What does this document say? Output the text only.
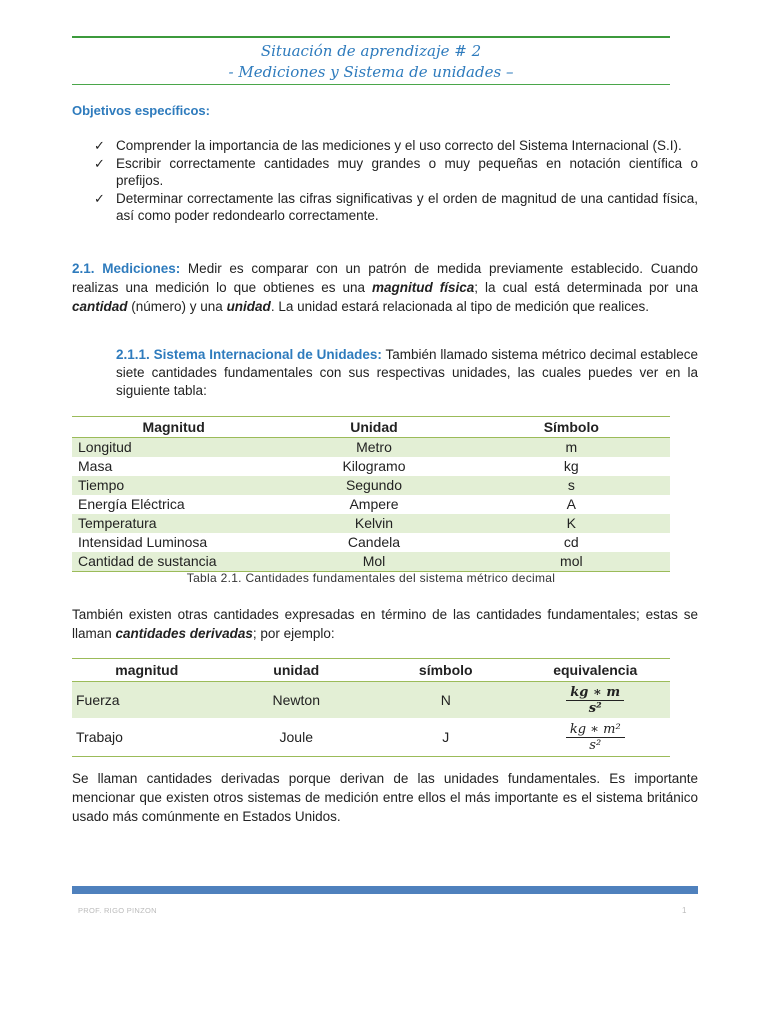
Situación de aprendizaje # 2
- Mediciones y Sistema de unidades –
Objetivos específicos:
✓ Comprender la importancia de las mediciones y el uso correcto del Sistema Internacional (S.I).
✓ Escribir correctamente cantidades muy grandes o muy pequeñas en notación científica o prefijos.
✓ Determinar correctamente las cifras significativas y el orden de magnitud de una cantidad física, así como poder redondearlo correctamente.
2.1. Mediciones: Medir es comparar con un patrón de medida previamente establecido. Cuando realizas una medición lo que obtienes es una magnitud física; la cual está determinada por una cantidad (número) y una unidad. La unidad estará relacionada al tipo de medición que realices.
2.1.1. Sistema Internacional de Unidades: También llamado sistema métrico decimal establece siete cantidades fundamentales con sus respectivas unidades, las cuales puedes ver en la siguiente tabla:
Magnitud	Unidad	Símbolo
Longitud	Metro	m
Masa	Kilogramo	kg
Tiempo	Segundo	s
Energía Eléctrica	Ampere	A
Temperatura	Kelvin	K
Intensidad Luminosa	Candela	cd
Cantidad de sustancia	Mol	mol
Tabla 2.1. Cantidades fundamentales del sistema métrico decimal
También existen otras cantidades expresadas en término de las cantidades fundamentales; estas se llaman cantidades derivadas; por ejemplo:
magnitud	unidad	símbolo	equivalencia
Fuerza	Newton	N	$\frac{kg ∗ m}{\text{s²}}$

Trabajo	Joule	J	$\frac{\text{kg ∗ m²}}{\text{s²}}$
Se llaman cantidades derivadas porque derivan de las unidades fundamentales. Es importante mencionar que existen otros sistemas de medición entre ellos el más importante es el sistema británico usado más comúnmente en Estados Unidos.
PROF. RIGO PINZON	1
